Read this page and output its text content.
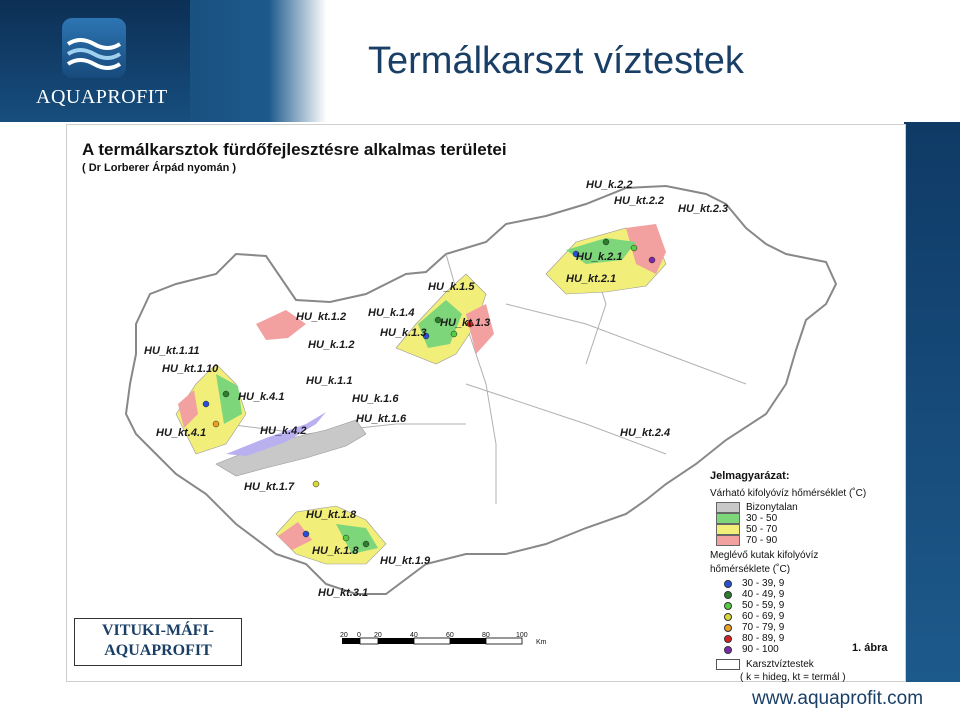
AQUAPROFIT
Termálkarszt víztestek
HU_k.2.2
HU_kt.2.2
HU_kt.2.3
HU_k.2.1
HU_kt.2.1
HU_k.1.5
HU_k.1.4
HU_kt.1.3
HU_k.1.3
HU_kt.1.2
HU_k.1.2
HU_kt.1.11
HU_kt.1.10
HU_k.1.1
HU_k.4.1	HU_k.1.6
HU_kt.1.6
HU_kt.4.1	HU_k.4.2	HU_kt.2.4
HU_kt.1.7
HU_kt.1.8
HU_k.1.8
HU_kt.1.9
HU_kt.3.1
A termálkarsztok fürdőfejlesztésre alkalmas területei
( Dr Lorberer Árpád nyomán )
20 0 20	40	60	80	100
Km
Jelmagyarázat:
Várható kifolyóvíz hőmérséklet (˚C)
Bizonytalan
30 - 50
50 - 70
70 - 90
Meglévő kutak kifolyóvíz
hőmérséklete (˚C)
30 - 39, 9
40 - 49, 9
50 - 59, 9
60 - 69, 9
70 - 79, 9
80 - 89, 9
90 - 100
Karsztvíztestek
( k = hideg, kt = termál )
1. ábra
VITUKI-MÁFI-
AQUAPROFIT
www.aquaprofit.com
